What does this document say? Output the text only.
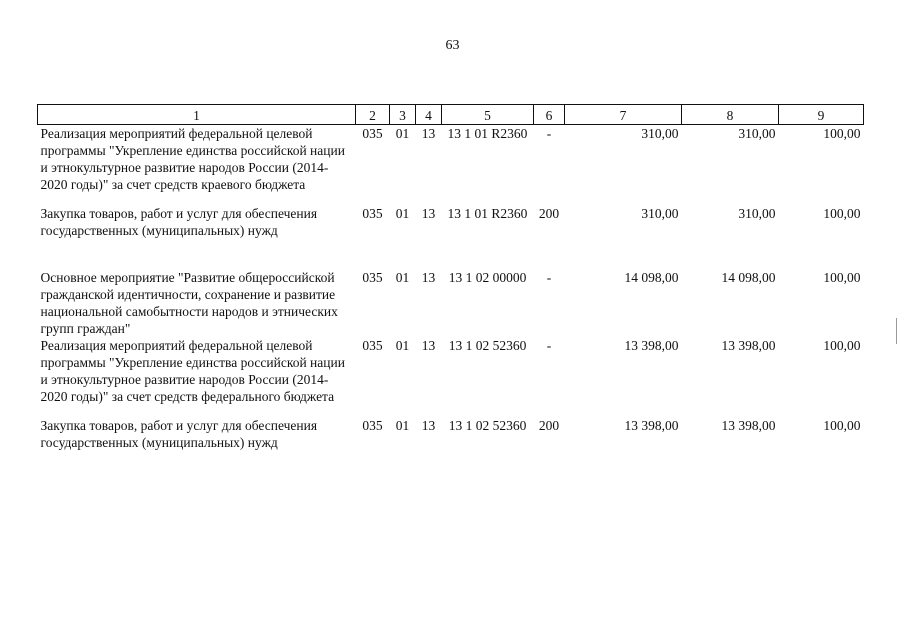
63
1	2	3	4	5	6	7	8	9
Реализация мероприятий федеральной целевой программы "Укрепление единства российской нации и этнокультурное развитие народов России (2014-2020 годы)" за счет средств краевого бюджета	035	01	13	13 1 01 R2360	-	310,00	310,00	100,00

Закупка товаров, работ и услуг для обеспечения государственных (муниципальных) нужд	035	01	13	13 1 01 R2360	200	310,00	310,00	100,00

Основное мероприятие "Развитие общероссийской гражданской идентичности, сохранение и развитие национальной самобытности народов и этнических групп граждан"	035	01	13	13 1 02 00000	-	14 098,00	14 098,00	100,00
Реализация мероприятий федеральной целевой программы "Укрепление единства российской нации и этнокультурное развитие народов России (2014-2020 годы)" за счет средств федерального бюджета	035	01	13	13 1 02 52360	-	13 398,00	13 398,00	100,00

Закупка товаров, работ и услуг для обеспечения государственных (муниципальных) нужд	035	01	13	13 1 02 52360	200	13 398,00	13 398,00	100,00
